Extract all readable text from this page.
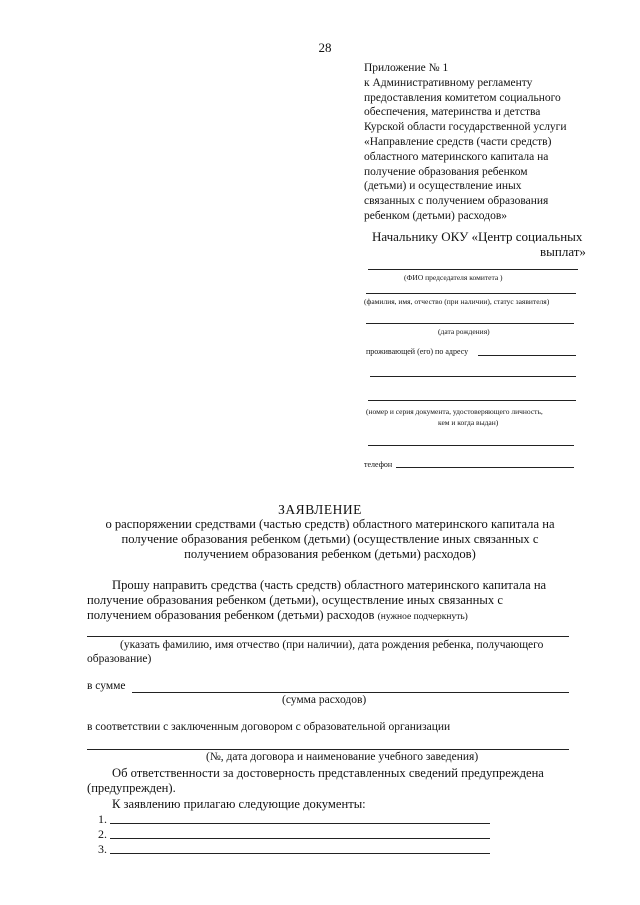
28
Приложение № 1
к Административному регламенту
предоставления комитетом социального
обеспечения, материнства и детства
Курской области государственной услуги
«Направление средств (части средств)
областного материнского капитала на
получение образования ребенком
(детьми) и осуществление иных
связанных с получением образования
ребенком (детьми) расходов»
Начальнику ОКУ «Центр социальных
выплат»
(ФИО председателя комитета )
(фамилия, имя, отчество (при наличии), статус заявителя)
(дата рождения)
проживающей (его) по адресу
(номер и серия документа, удостоверяющего личность,
кем и когда выдан)
телефон
ЗАЯВЛЕНИЕ
о распоряжении средствами (частью средств) областного материнского капитала на получение образования ребенком (детьми) (осуществление иных связанных с получением образования ребенком (детьми) расходов)
Прошу направить средства (часть средств) областного материнского капитала на
получение образования ребенком (детьми), осуществление иных связанных с
получением образования ребенком (детьми) расходов (нужное подчеркнуть)
(указать фамилию, имя отчество (при наличии), дата рождения ребенка, получающего
образование)
в сумме
(сумма расходов)
в соответствии с заключенным договором с образовательной организации
(№, дата договора и наименование учебного заведения)
Об ответственности за достоверность представленных сведений предупреждена
(предупрежден).
К заявлению прилагаю следующие документы:
1.
2.
3.
